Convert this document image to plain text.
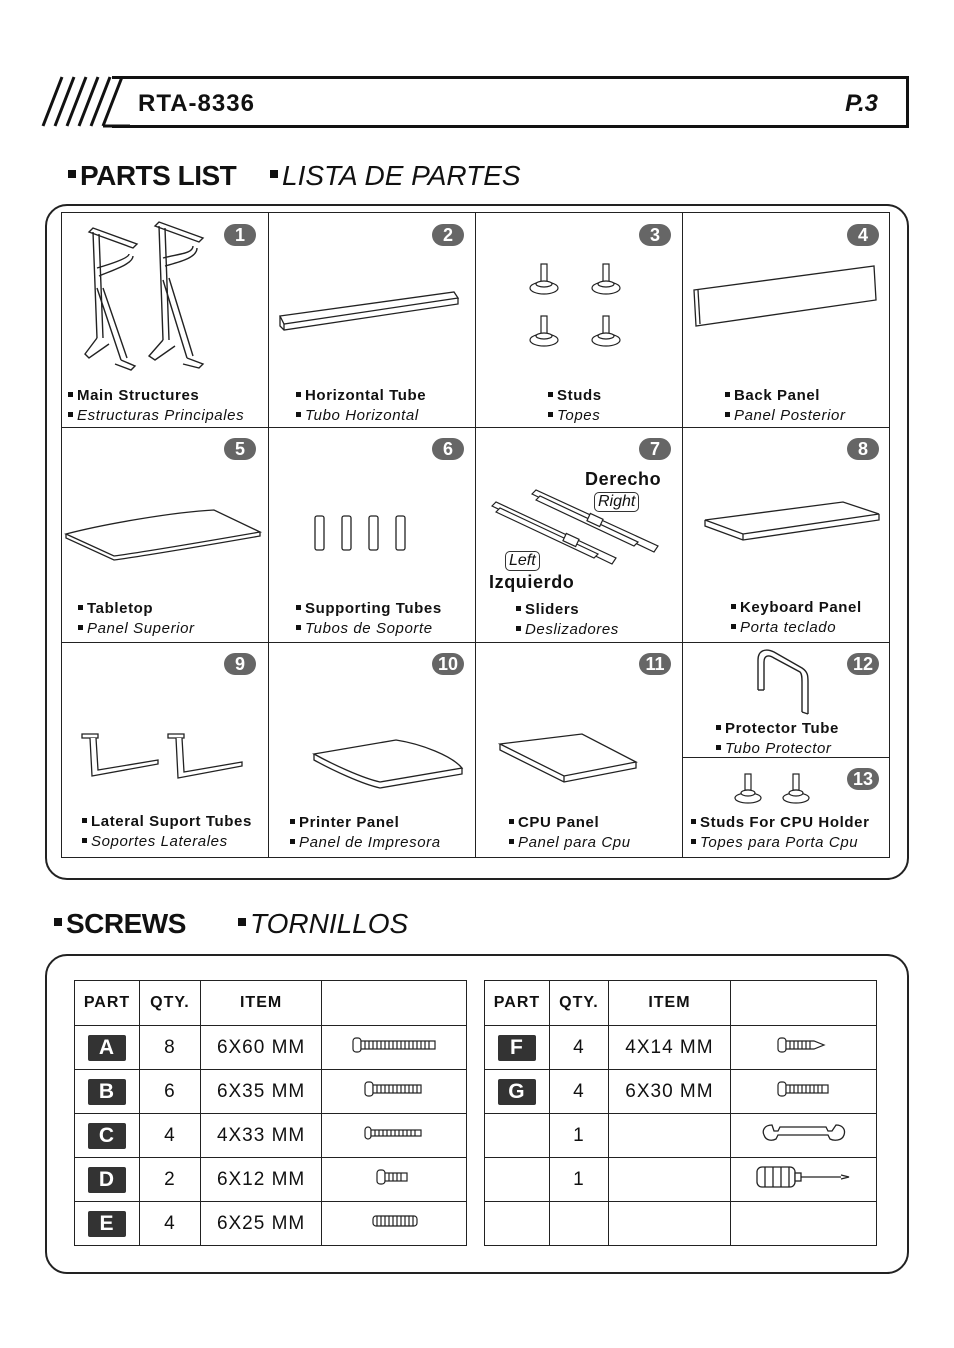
RTA-8336	P.3
PARTS LIST	LISTA DE PARTES
1	2	3	4
5	6	7	8
9	10	11	12
13
Main Structures
Estructuras Principales
Horizontal Tube
Tubo Horizontal
Studs
Topes
Back Panel
Panel Posterior
Tabletop
Panel Superior
Supporting Tubes
Tubos de Soporte
Sliders
Deslizadores
Keyboard Panel
Porta teclado
Lateral Suport Tubes
Soportes Laterales
Printer Panel
Panel de Impresora
CPU Panel
Panel para Cpu
Protector Tube
Tubo Protector
Studs For CPU Holder
Topes para Porta Cpu
Derecho
Right
Left
Izquierdo
SCREWS	TORNILLOS
PART	QTY.	ITEM	
A	8	6X60 MM	
B	6	6X35 MM	
C	4	4X33 MM	
D	2	6X12 MM	
E	4	6X25 MM	
PART	QTY.	ITEM	
F	4	4X14 MM	
G	4	6X30 MM	
	1		
	1		
